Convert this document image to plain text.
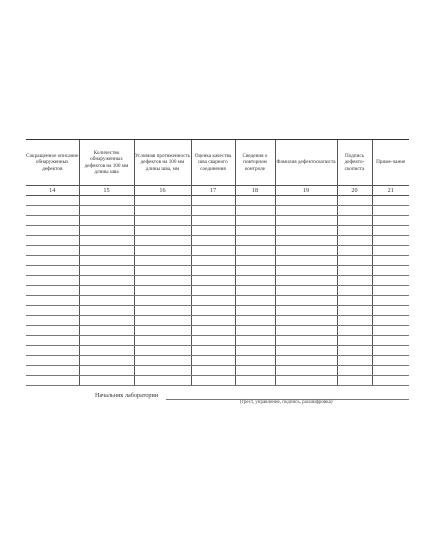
Сокращенное описание обнаруженных дефектов	Количество обнаруженных дефектов на 100 мм длины шва	Условная протяженность дефектов на 100 мм длины шва, мм	Оценка качества шва сварного соединения	Сведения о повторном контроле	Фамилия дефектоскописта	Подпись дефекто-скописта	Приме-чание
14	15	16	17	18	19	20	21

Начальник лаборатории
(трест, управление, подпись, расшифровка)
